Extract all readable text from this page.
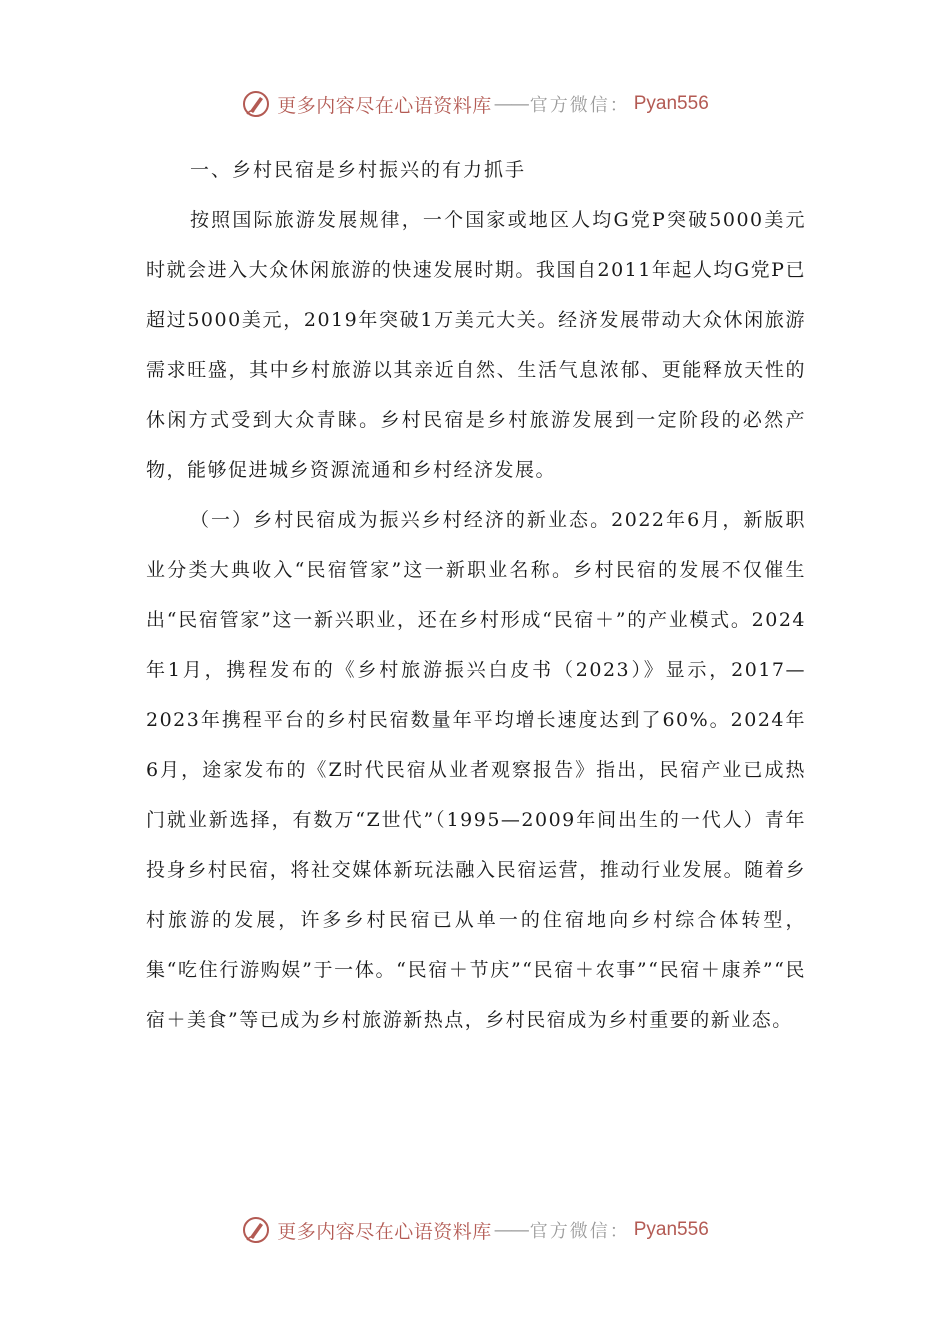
更多内容尽在心语资料库 —— 官方微信： Pyan556

一、乡村民宿是乡村振兴的有力抓手

按照国际旅游发展规律，一个国家或地区人均G党P突破5000美元时就会进入大众休闲旅游的快速发展时期。我国自2011年起人均G党P已超过5000美元，2019年突破1万美元大关。经济发展带动大众休闲旅游需求旺盛，其中乡村旅游以其亲近自然、生活气息浓郁、更能释放天性的休闲方式受到大众青睐。乡村民宿是乡村旅游发展到一定阶段的必然产物，能够促进城乡资源流通和乡村经济发展。

（一）乡村民宿成为振兴乡村经济的新业态。2022年6月，新版职业分类大典收入“民宿管家”这一新职业名称。乡村民宿的发展不仅催生出“民宿管家”这一新兴职业，还在乡村形成“民宿＋”的产业模式。2024年1月，携程发布的《乡村旅游振兴白皮书（2023）》显示，2017—2023年携程平台的乡村民宿数量年平均增长速度达到了60%。2024年6月，途家发布的《Z时代民宿从业者观察报告》指出，民宿产业已成热门就业新选择，有数万“Z世代”（1995—2009年间出生的一代人）青年投身乡村民宿，将社交媒体新玩法融入民宿运营，推动行业发展。随着乡村旅游的发展，许多乡村民宿已从单一的住宿地向乡村综合体转型，集“吃住行游购娱”于一体。“民宿＋节庆”“民宿＋农事”“民宿＋康养”“民宿＋美食”等已成为乡村旅游新热点，乡村民宿成为乡村重要的新业态。

更多内容尽在心语资料库 —— 官方微信： Pyan556
